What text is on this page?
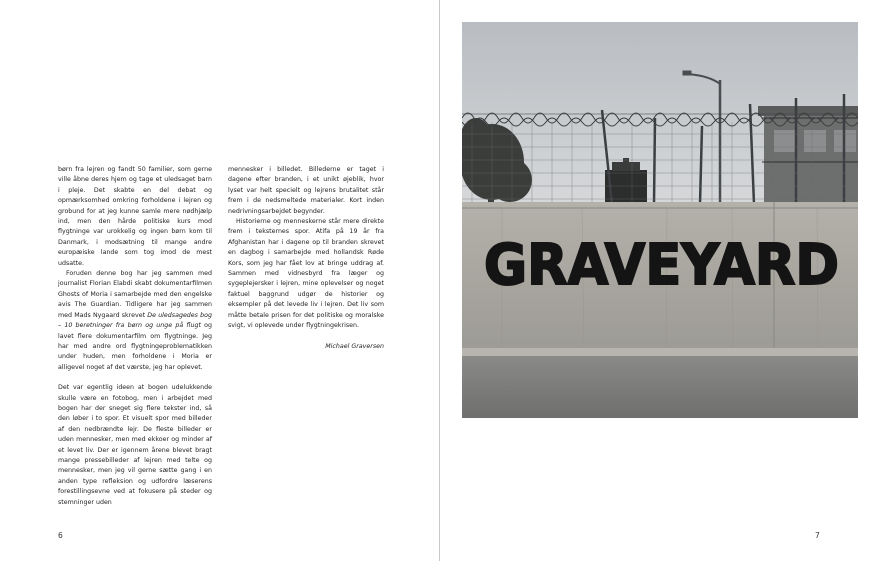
børn fra lejren og fandt 50 familier, som gerne ville åbne deres hjem og tage et uledsaget barn i pleje. Det skabte en del debat og opmærksomhed omkring forholdene i lejren og grobund for at jeg kunne samle mere nødhjælp ind, men den hårde politiske kurs mod flygtninge var urokkelig og ingen børn kom til Danmark, i modsætning til mange andre europæiske lande som tog imod de mest udsatte.

Foruden denne bog har jeg sammen med journalist Florian Elabdi skabt dokumentarfilmen Ghosts of Moria i samarbejde med den engelske avis The Guardian. Tidligere har jeg sammen med Mads Nygaard skrevet De uledsagedes bog – 10 beretninger fra børn og unge på flugt og lavet flere dokumentarfilm om flygtninge. Jeg har med andre ord flygtningeproblematikken under huden, men forholdene i Moria er alligevel noget af det værste, jeg har oplevet.

Det var egentlig ideen at bogen udelukkende skulle være en fotobog, men i arbejdet med bogen har der sneget sig flere tekster ind, så den løber i to spor. Et visuelt spor med billeder af den nedbrændte lejr. De fleste billeder er uden mennesker, men med ekkoer og minder af et levet liv. Der er igennem årene blevet bragt mange pressebilleder af lejren med telte og mennesker, men jeg vil gerne sætte gang i en anden type refleksion og udfordre læserens forestillingsevne ved at fokusere på steder og stemninger uden

mennesker i billedet. Billederne er taget i dagene efter branden, i et unikt øjeblik, hvor lyset var helt specielt og lejrens brutalitet står frem i de nedsmeltede materialer. Kort inden nedrivningsarbejdet begynder.

Historierne og menneskerne står mere direkte frem i teksternes spor. Atifa på 19 år fra Afghanistan har i dagene op til branden skrevet en dagbog i samarbejde med hollandsk Røde Kors, som jeg har fået lov at bringe uddrag af. Sammen med vidnesbyrd fra læger og sygeplejersker i lejren, mine oplevelser og noget faktuel baggrund udgør de historier og eksempler på det levede liv i lejren. Det liv som måtte betale prisen for det politiske og moralske svigt, vi oplevede under flygtningekrisen.

Michael Graversen

6
GRAVEYARD
7
